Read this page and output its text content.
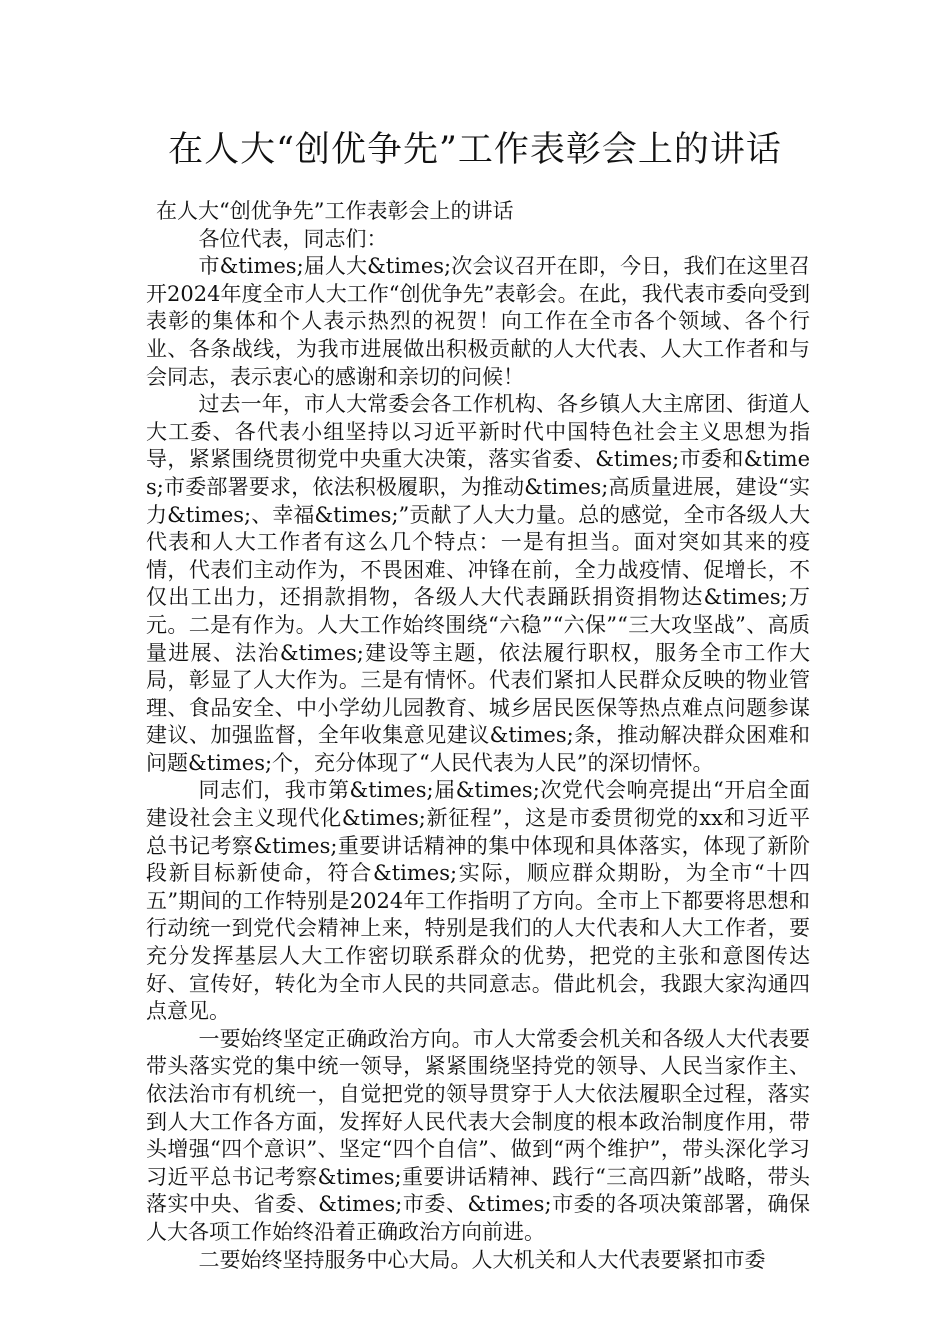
在人大“创优争先”工作表彰会上的讲话

在人大“创优争先”工作表彰会上的讲话

各位代表，同志们：

市&times;届人大&times;次会议召开在即，今日，我们在这里召开2024年度全市人大工作“创优争先”表彰会。在此，我代表市委向受到表彰的集体和个人表示热烈的祝贺！向工作在全市各个领域、各个行业、各条战线，为我市进展做出积极贡献的人大代表、人大工作者和与会同志，表示衷心的感谢和亲切的问候！

过去一年，市人大常委会各工作机构、各乡镇人大主席团、街道人大工委、各代表小组坚持以习近平新时代中国特色社会主义思想为指导，紧紧围绕贯彻党中央重大决策，落实省委、&times;市委和&times;市委部署要求，依法积极履职，为推动&times;高质量进展，建设“实力&times;、幸福&times;”贡献了人大力量。总的感觉，全市各级人大代表和人大工作者有这么几个特点：一是有担当。面对突如其来的疫情，代表们主动作为，不畏困难、冲锋在前，全力战疫情、促增长，不仅出工出力，还捐款捐物，各级人大代表踊跃捐资捐物达&times;万元。二是有作为。人大工作始终围绕“六稳”“六保”“三大攻坚战”、高质量进展、法治&times;建设等主题，依法履行职权，服务全市工作大局，彰显了人大作为。三是有情怀。代表们紧扣人民群众反映的物业管理、食品安全、中小学幼儿园教育、城乡居民医保等热点难点问题参谋建议、加强监督，全年收集意见建议&times;条，推动解决群众困难和问题&times;个，充分体现了“人民代表为人民”的深切情怀。

同志们，我市第&times;届&times;次党代会响亮提出“开启全面建设社会主义现代化&times;新征程”，这是市委贯彻党的xx和习近平总书记考察&times;重要讲话精神的集中体现和具体落实，体现了新阶段新目标新使命，符合&times;实际，顺应群众期盼，为全市“十四五”期间的工作特别是2024年工作指明了方向。全市上下都要将思想和行动统一到党代会精神上来，特别是我们的人大代表和人大工作者，要充分发挥基层人大工作密切联系群众的优势，把党的主张和意图传达好、宣传好，转化为全市人民的共同意志。借此机会，我跟大家沟通四点意见。

一要始终坚定正确政治方向。市人大常委会机关和各级人大代表要带头落实党的集中统一领导，紧紧围绕坚持党的领导、人民当家作主、依法治市有机统一，自觉把党的领导贯穿于人大依法履职全过程，落实到人大工作各方面，发挥好人民代表大会制度的根本政治制度作用，带头增强“四个意识”、坚定“四个自信”、做到“两个维护”，带头深化学习习近平总书记考察&times;重要讲话精神、践行“三高四新”战略，带头落实中央、省委、&times;市委、&times;市委的各项决策部署，确保人大各项工作始终沿着正确政治方向前进。

二要始终坚持服务中心大局。人大机关和人大代表要紧扣市委
